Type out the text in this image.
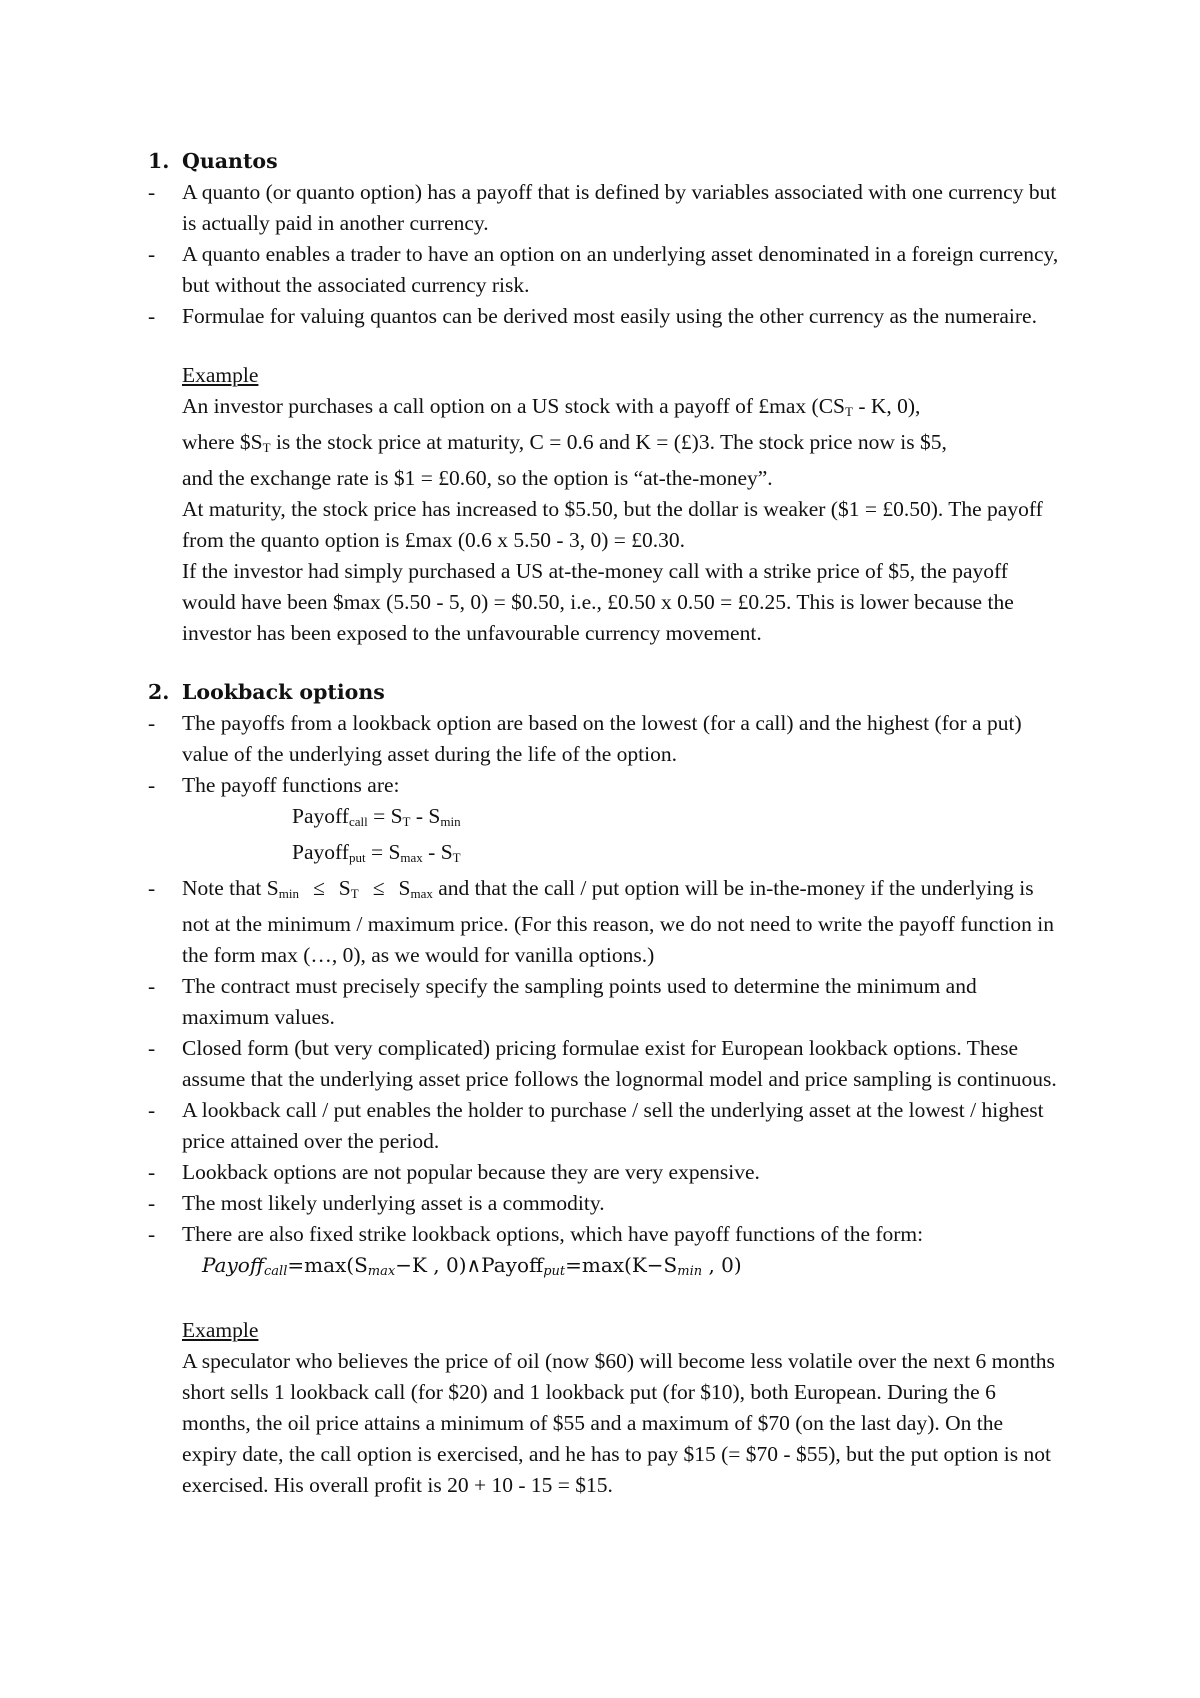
1. Quantos
- A quanto (or quanto option) has a payoff that is defined by variables associated with one currency but is actually paid in another currency.
- A quanto enables a trader to have an option on an underlying asset denominated in a foreign currency, but without the associated currency risk.
- Formulae for valuing quantos can be derived most easily using the other currency as the numeraire.
Example
An investor purchases a call option on a US stock with a payoff of £max ($CS_T$ - K, 0),
where $\$S_T$ is the stock price at maturity, C = 0.6 and K = (£)3. The stock price now is $5,
and the exchange rate is $1 = £0.60, so the option is “at-the-money”.
At maturity, the stock price has increased to $5.50, but the dollar is weaker ($1 = £0.50). The payoff from the quanto option is £max (0.6 x 5.50 - 3, 0) = £0.30.
If the investor had simply purchased a US at-the-money call with a strike price of $5, the payoff would have been $max (5.50 - 5, 0) = $0.50, i.e., £0.50 x 0.50 = £0.25. This is lower because the investor has been exposed to the unfavourable currency movement.
2. Lookback options
- The payoffs from a lookback option are based on the lowest (for a call) and the highest (for a put) value of the underlying asset during the life of the option.
- The payoff functions are:
Payoff$_{call}$ = $S_T - S_{min}$
Payoff$_{put}$ = $S_{max} - S_T$
- Note that $S_{min} \le S_T \le S_{max}$ and that the call / put option will be in-the-money if the underlying is not at the minimum / maximum price. (For this reason, we do not need to write the payoff function in the form max (…, 0), as we would for vanilla options.)
- The contract must precisely specify the sampling points used to determine the minimum and maximum values.
- Closed form (but very complicated) pricing formulae exist for European lookback options. These assume that the underlying asset price follows the lognormal model and price sampling is continuous.
- A lookback call / put enables the holder to purchase / sell the underlying asset at the lowest / highest price attained over the period.
- Lookback options are not popular because they are very expensive.
- The most likely underlying asset is a commodity.
- There are also fixed strike lookback options, which have payoff functions of the form:
$Payoff_{call}=\max(S_{max}-K$ , $0)\wedge Payoff_{put}=\max(K-S_{min}$ , 0)
Example
A speculator who believes the price of oil (now $60) will become less volatile over the next 6 months short sells 1 lookback call (for $20) and 1 lookback put (for $10), both European. During the 6 months, the oil price attains a minimum of $55 and a maximum of $70 (on the last day). On the expiry date, the call option is exercised, and he has to pay $15 (= $70 - $55), but the put option is not exercised. His overall profit is 20 + 10 - 15 = $15.
